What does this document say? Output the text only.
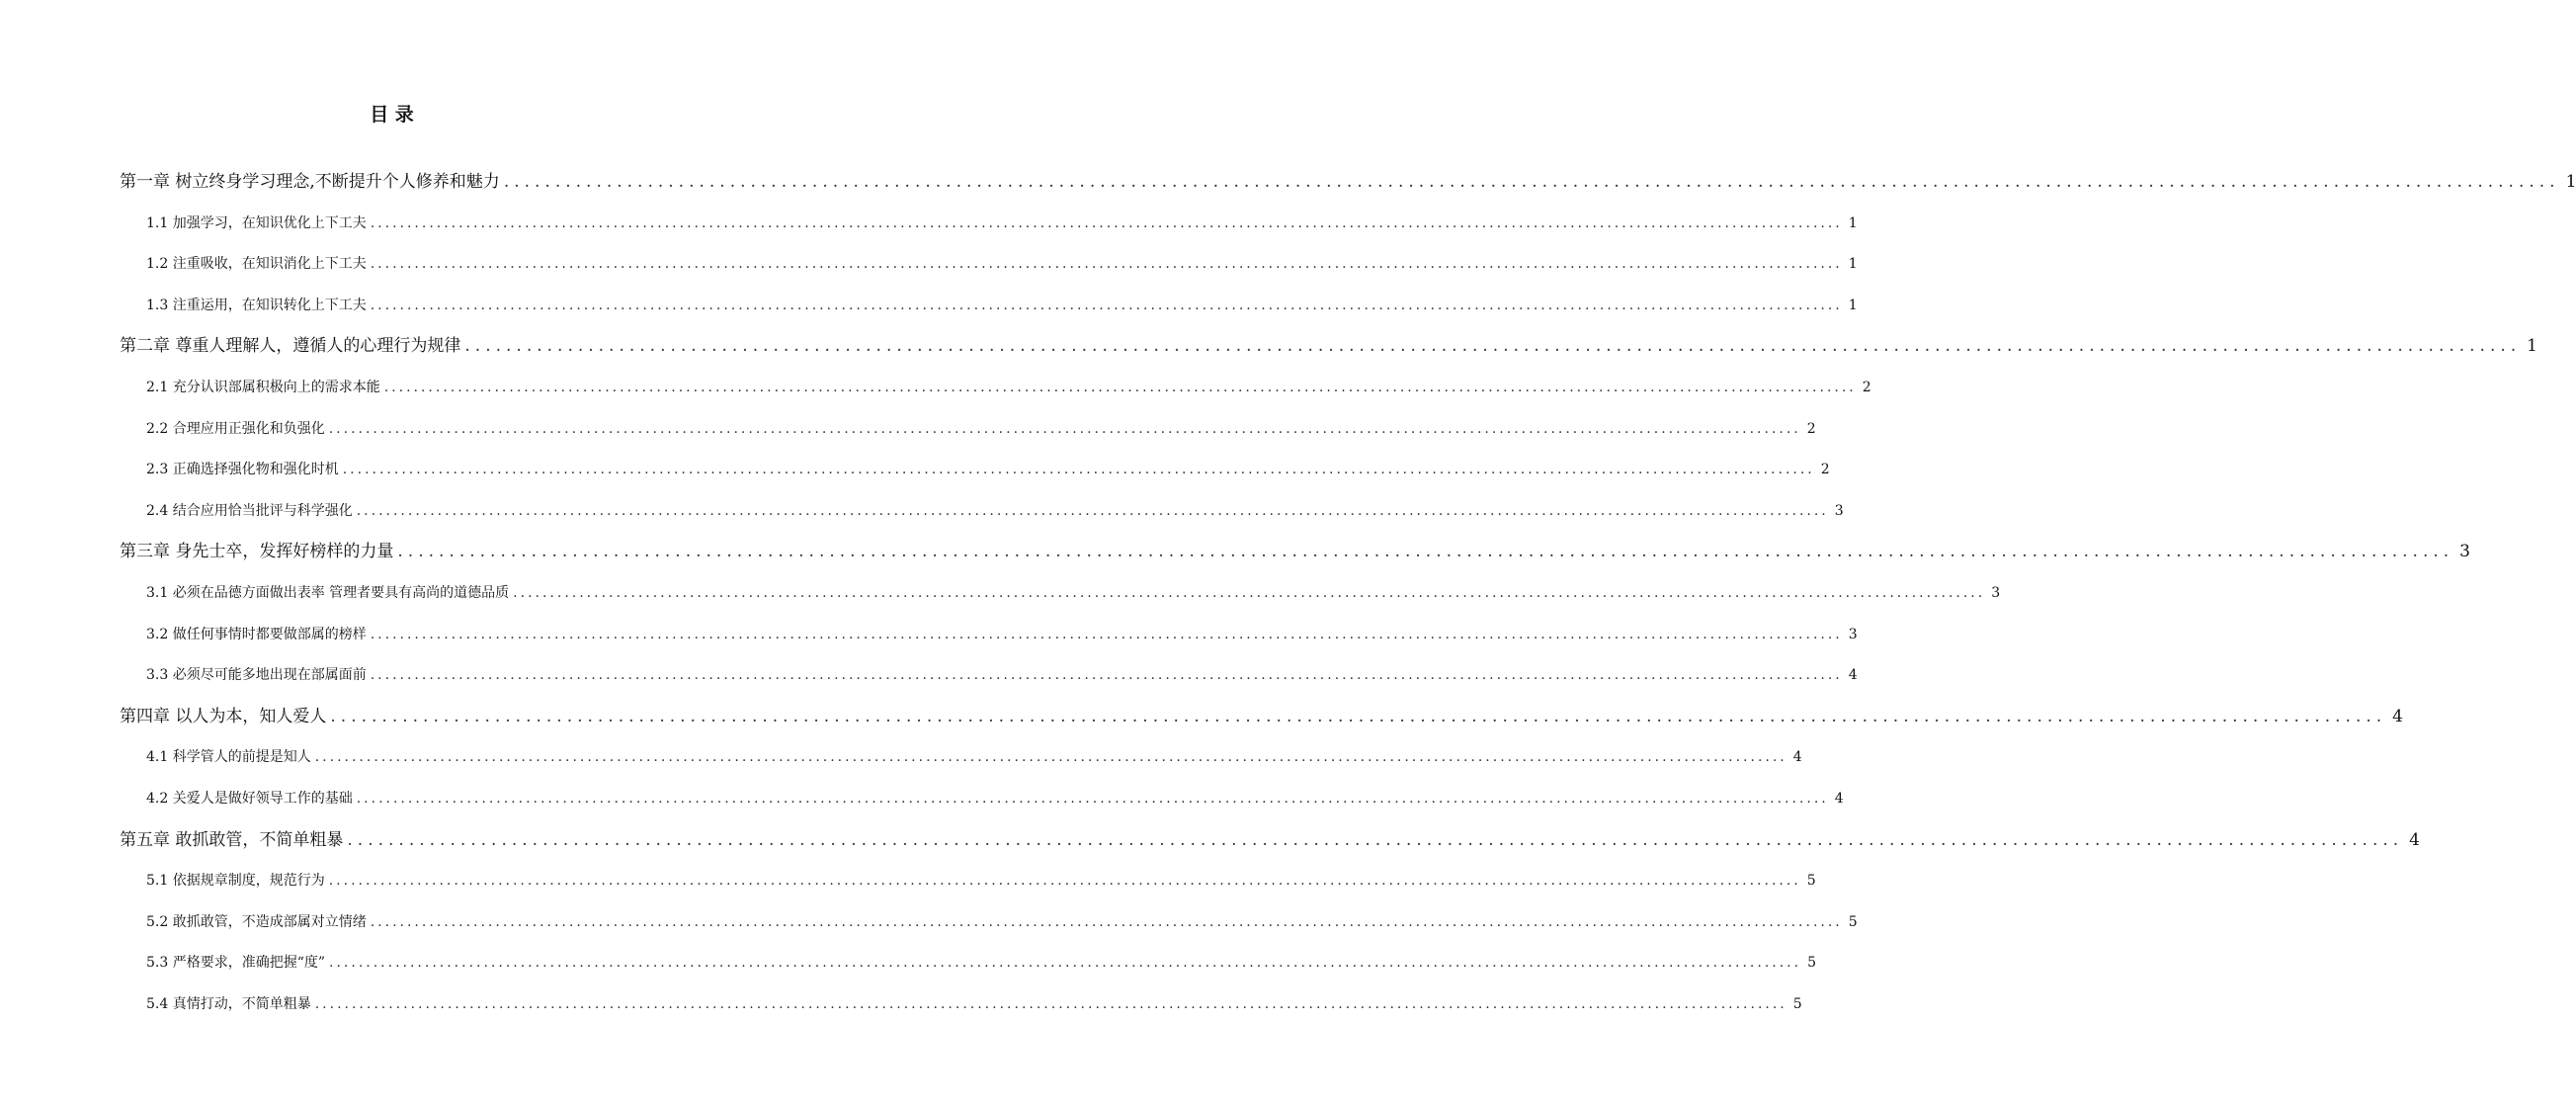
目 录
第一章 树立终身学习理念,不断提升个人修养和魅力 ........................................................................................................................................................................................................ 1
1.1 加强学习，在知识优化上下工夫 ........................................................................................................................................................................................................ 1
1.2 注重吸收，在知识消化上下工夫 ........................................................................................................................................................................................................ 1
1.3 注重运用，在知识转化上下工夫 ........................................................................................................................................................................................................ 1
第二章 尊重人理解人，遵循人的心理行为规律 ........................................................................................................................................................................................................ 1
2.1 充分认识部属积极向上的需求本能 ........................................................................................................................................................................................................ 2
2.2 合理应用正强化和负强化 ........................................................................................................................................................................................................ 2
2.3 正确选择强化物和强化时机 ........................................................................................................................................................................................................ 2
2.4 结合应用恰当批评与科学强化 ........................................................................................................................................................................................................ 3
第三章 身先士卒，发挥好榜样的力量 ........................................................................................................................................................................................................ 3
3.1 必须在品德方面做出表率 管理者要具有高尚的道德品质 ........................................................................................................................................................................................................ 3
3.2 做任何事情时都要做部属的榜样 ........................................................................................................................................................................................................ 3
3.3 必须尽可能多地出现在部属面前 ........................................................................................................................................................................................................ 4
第四章 以人为本，知人爱人 ........................................................................................................................................................................................................ 4
4.1 科学管人的前提是知人 ........................................................................................................................................................................................................ 4
4.2 关爱人是做好领导工作的基础 ........................................................................................................................................................................................................ 4
第五章 敢抓敢管，不简单粗暴 ........................................................................................................................................................................................................ 4
5.1 依据规章制度，规范行为 ........................................................................................................................................................................................................ 5
5.2 敢抓敢管，不造成部属对立情绪 ........................................................................................................................................................................................................ 5
5.3 严格要求，准确把握“度” ........................................................................................................................................................................................................ 5
5.4 真情打动，不简单粗暴 ........................................................................................................................................................................................................ 5
